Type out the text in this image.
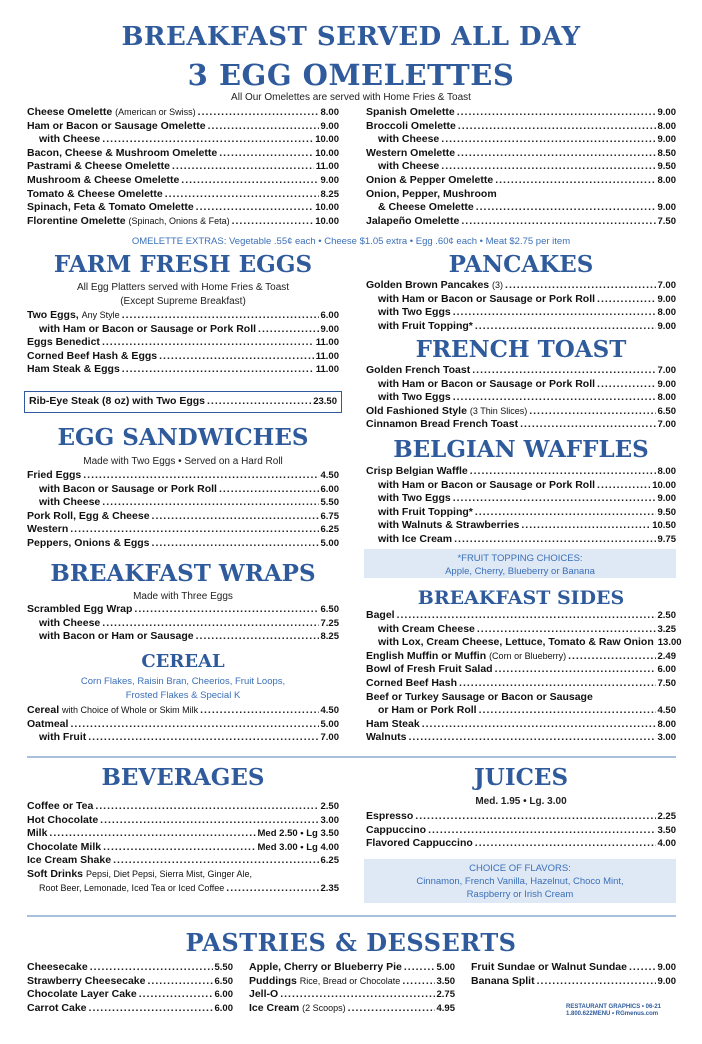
BREAKFAST SERVED ALL DAY
3 EGG OMELETTES
All Our Omelettes are served with Home Fries & Toast
Cheese Omelette (American or Swiss) .....	8.00
Ham or Bacon or Sausage Omelette .....	9.00
with Cheese .....	10.00
Bacon, Cheese & Mushroom Omelette .....	10.00
Pastrami & Cheese Omelette .....	11.00
Mushroom & Cheese Omelette .....	9.00
Tomato & Cheese Omelette .....	8.25
Spinach, Feta & Tomato Omelette .....	10.00
Florentine Omelette (Spinach, Onions & Feta) .....	10.00
Spanish Omelette .....	9.00
Broccoli Omelette .....	8.00
with Cheese .....	9.00
Western Omelette .....	8.50
with Cheese .....	9.50
Onion & Pepper Omelette .....	8.00
Onion, Pepper, Mushroom
& Cheese Omelette .....	9.00
Jalapeño Omelette .....	7.50
OMELETTE EXTRAS: Vegetable .55¢ each • Cheese $1.05 extra • Egg .60¢ each • Meat $2.75 per item
FARM FRESH EGGS
All Egg Platters served with Home Fries & Toast
(Except Supreme Breakfast)
Two Eggs, Any Style .....	6.00
with Ham or Bacon or Sausage or Pork Roll .....	9.00
Eggs Benedict .....	11.00
Corned Beef Hash & Eggs .....	11.00
Ham Steak & Eggs .....	11.00
Rib-Eye Steak (8 oz) with Two Eggs .....	23.50
EGG SANDWICHES
Made with Two Eggs • Served on a Hard Roll
Fried Eggs .....	4.50
with Bacon or Sausage or Pork Roll .....	6.00
with Cheese .....	5.50
Pork Roll, Egg & Cheese .....	6.75
Western .....	6.25
Peppers, Onions & Eggs .....	5.00
BREAKFAST WRAPS
Made with Three Eggs
Scrambled Egg Wrap .....	6.50
with Cheese .....	7.25
with Bacon or Ham or Sausage .....	8.25
CEREAL
Corn Flakes, Raisin Bran, Cheerios, Fruit Loops,
Frosted Flakes & Special K
Cereal with Choice of Whole or Skim Milk .....	4.50
Oatmeal .....	5.00
with Fruit .....	7.00
PANCAKES
Golden Brown Pancakes (3) .....	7.00
with Ham or Bacon or Sausage or Pork Roll .....	9.00
with Two Eggs .....	8.00
with Fruit Topping* .....	9.00
FRENCH TOAST
Golden French Toast .....	7.00
with Ham or Bacon or Sausage or Pork Roll .....	9.00
with Two Eggs .....	8.00
Old Fashioned Style (3 Thin Slices) .....	6.50
Cinnamon Bread French Toast .....	7.00
BELGIAN WAFFLES
Crisp Belgian Waffle .....	8.00
with Ham or Bacon or Sausage or Pork Roll .....	10.00
with Two Eggs .....	9.00
with Fruit Topping* .....	9.50
with Walnuts & Strawberries .....	10.50
with Ice Cream .....	9.75
*FRUIT TOPPING CHOICES:
Apple, Cherry, Blueberry or Banana
BREAKFAST SIDES
Bagel .....	2.50
with Cream Cheese .....	3.25
with Lox, Cream Cheese, Lettuce, Tomato & Raw Onion 13.00
English Muffin or Muffin (Corn or Blueberry) .....	2.49
Bowl of Fresh Fruit Salad .....	6.00
Corned Beef Hash .....	7.50
Beef or Turkey Sausage or Bacon or Sausage
or Ham or Pork Roll .....	4.50
Ham Steak .....	8.00
Walnuts .....	3.00
BEVERAGES
Coffee or Tea .....	2.50
Hot Chocolate .....	3.00
Milk .....	Med 2.50 • Lg 3.50
Chocolate Milk .....	Med 3.00 • Lg 4.00
Ice Cream Shake .....	6.25
Soft Drinks Pepsi, Diet Pepsi, Sierra Mist, Ginger Ale,
Root Beer, Lemonade, Iced Tea or Iced Coffee .....	2.35
JUICES
Med. 1.95 • Lg. 3.00
Espresso .....	2.25
Cappuccino .....	3.50
Flavored Cappuccino .....	4.00
CHOICE OF FLAVORS:
Cinnamon, French Vanilla, Hazelnut, Choco Mint,
Raspberry or Irish Cream
PASTRIES & DESSERTS
Cheesecake .....	5.50
Strawberry Cheesecake .....	6.50
Chocolate Layer Cake .....	6.00
Carrot Cake .....	6.00
Apple, Cherry or Blueberry Pie .....	5.00
Puddings Rice, Bread or Chocolate .....	3.50
Jell-O .....	2.75
Ice Cream (2 Scoops) .....	4.95
Fruit Sundae or Walnut Sundae .....	9.00
Banana Split .....	9.00
RESTAURANT GRAPHICS • 06-21
1.800.622MENU • RGmenus.com
